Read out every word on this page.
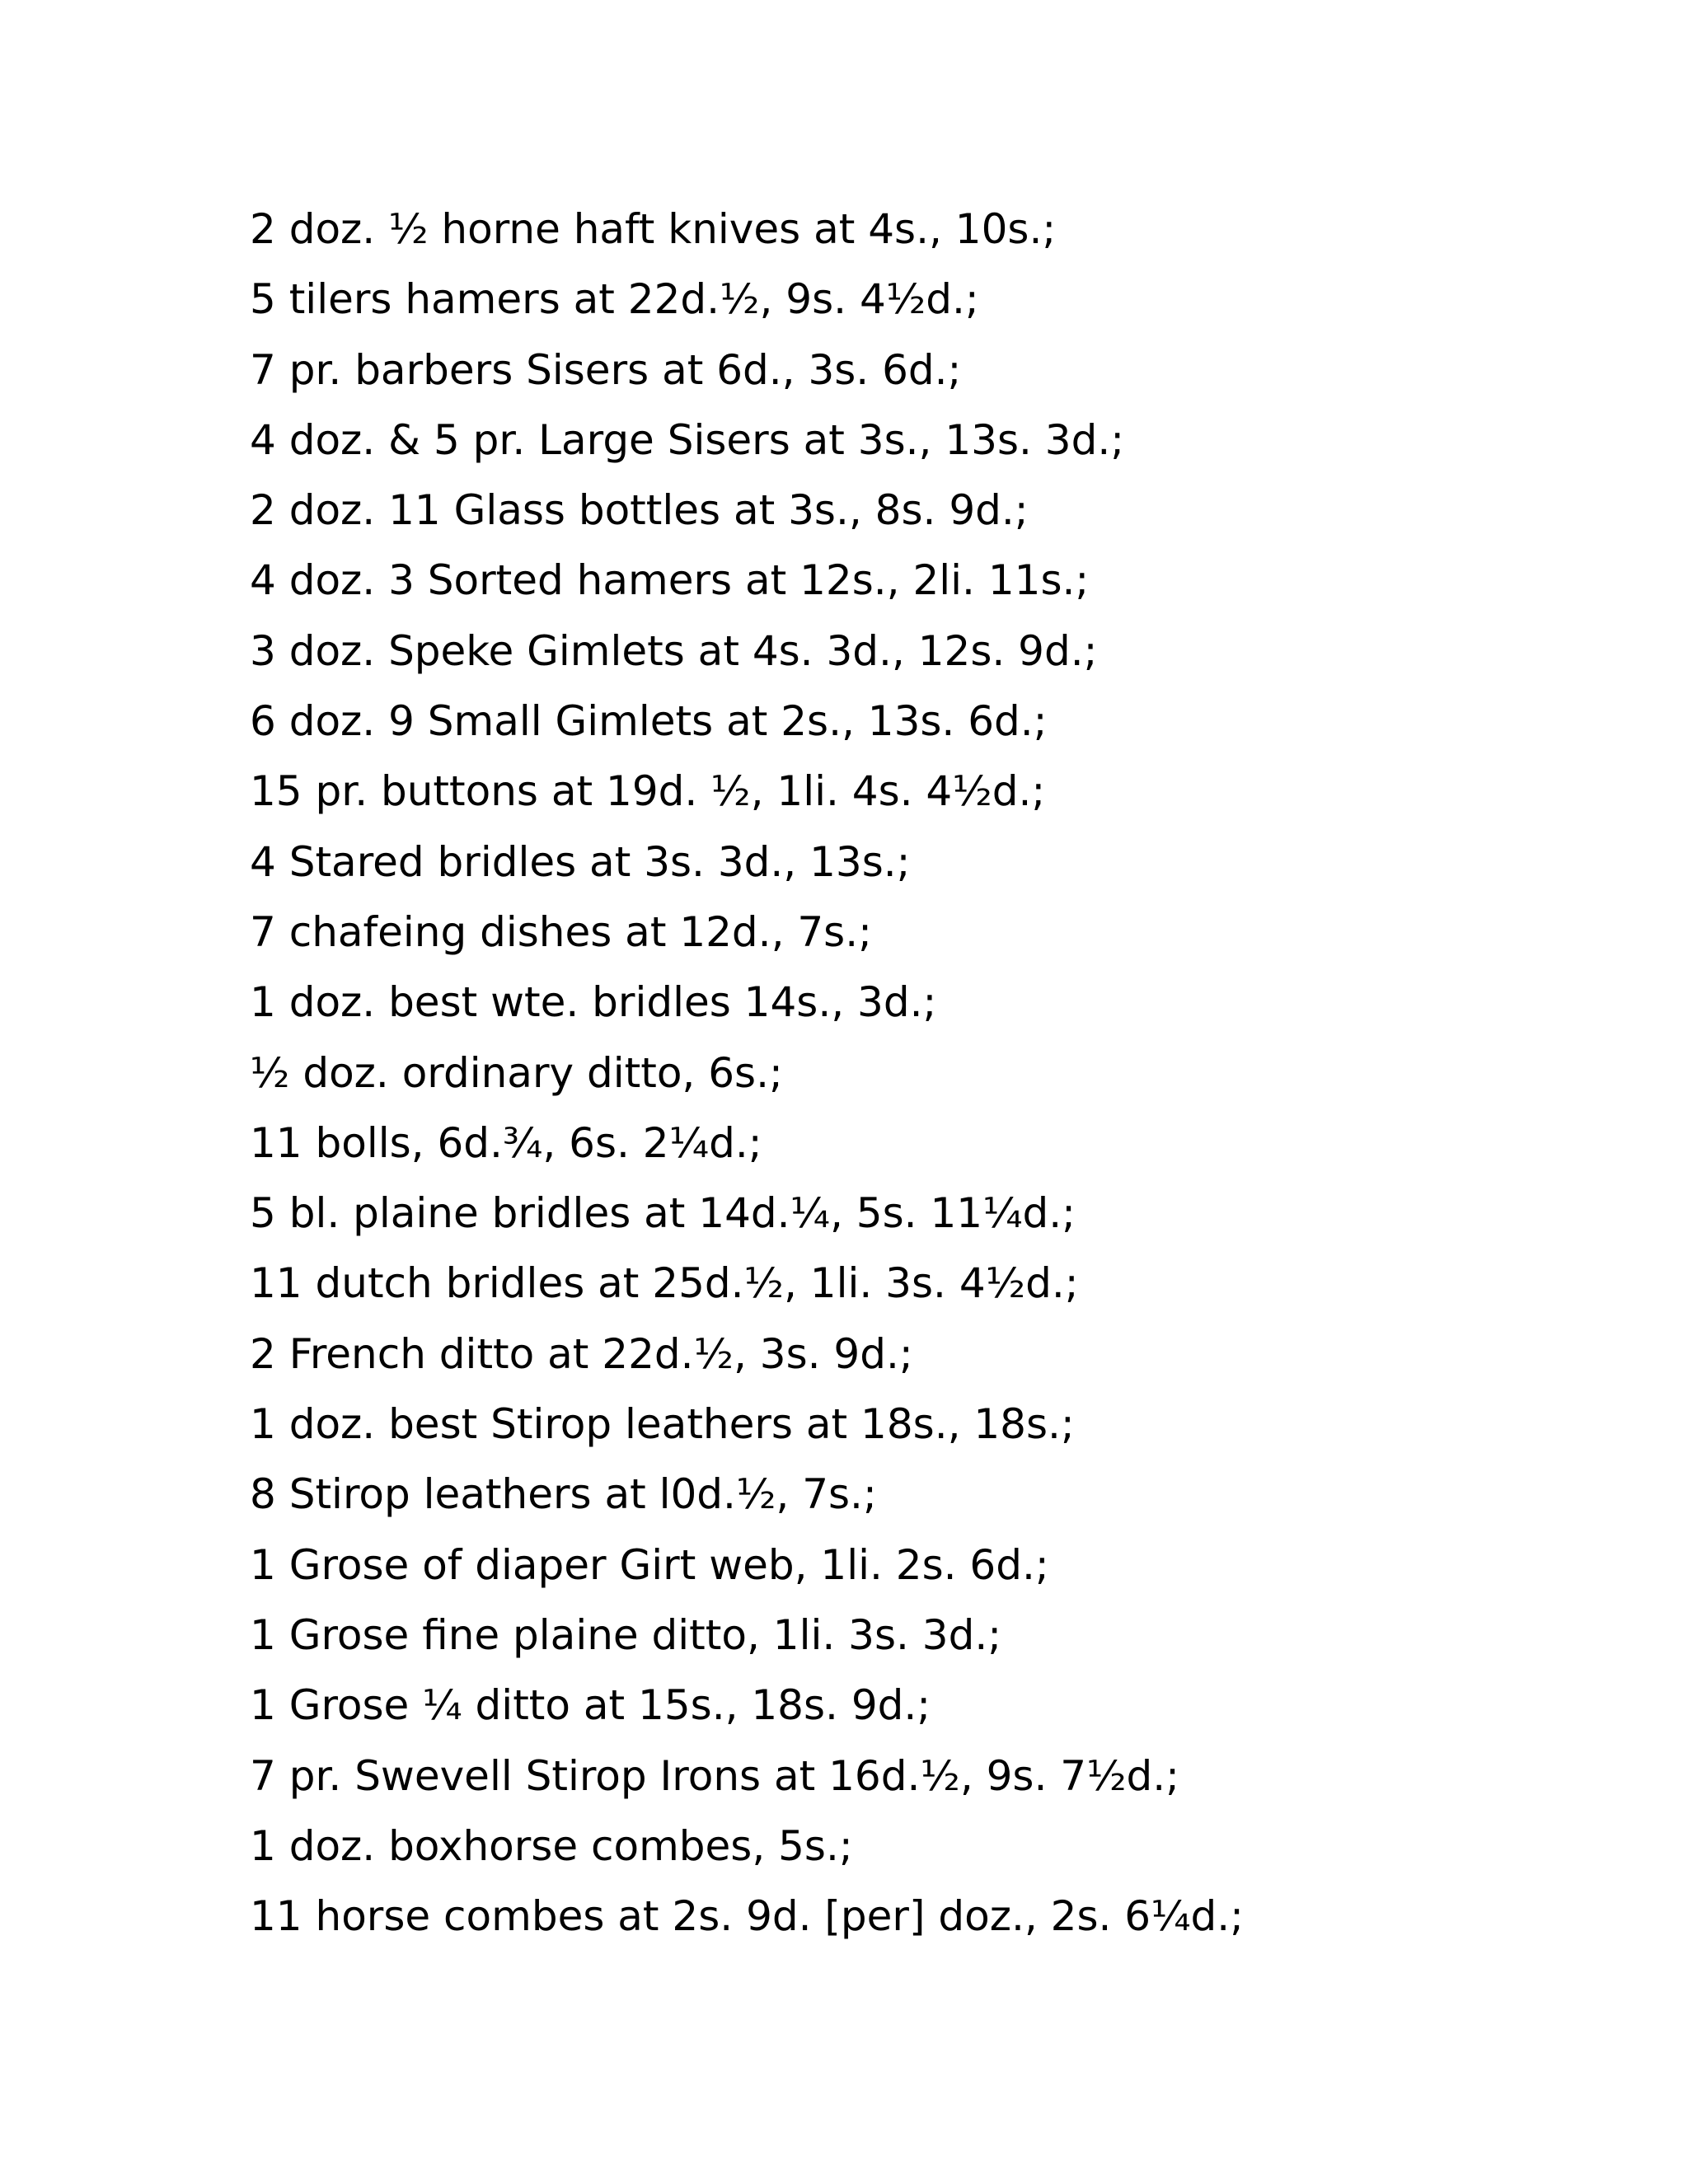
2 doz. ½ horne haft knives at 4s., 10s.;
5 tilers hamers at 22d.½, 9s. 4½d.;
7 pr. barbers Sisers at 6d., 3s. 6d.;
4 doz. & 5 pr. Large Sisers at 3s., 13s. 3d.;
2 doz. 11 Glass bottles at 3s., 8s. 9d.;
4 doz. 3 Sorted hamers at 12s., 2li. 11s.;
3 doz. Speke Gimlets at 4s. 3d., 12s. 9d.;
6 doz. 9 Small Gimlets at 2s., 13s. 6d.;
15 pr. buttons at 19d. ½, 1li. 4s. 4½d.;
4 Stared bridles at 3s. 3d., 13s.;
7 chafeing dishes at 12d., 7s.;
1 doz. best wte. bridles 14s., 3d.;
½ doz. ordinary ditto, 6s.;
11 bolls, 6d.¾, 6s. 2¼d.;
5 bl. plaine bridles at 14d.¼, 5s. 11¼d.;
11 dutch bridles at 25d.½, 1li. 3s. 4½d.;
2 French ditto at 22d.½, 3s. 9d.;
1 doz. best Stirop leathers at 18s., 18s.;
8 Stirop leathers at l0d.½, 7s.;
1 Grose of diaper Girt web, 1li. 2s. 6d.;
1 Grose fine plaine ditto, 1li. 3s. 3d.;
1 Grose ¼ ditto at 15s., 18s. 9d.;
7 pr. Swevell Stirop Irons at 16d.½, 9s. 7½d.;
1 doz. boxhorse combes, 5s.;
11 horse combes at 2s. 9d. [per] doz., 2s. 6¼d.;
